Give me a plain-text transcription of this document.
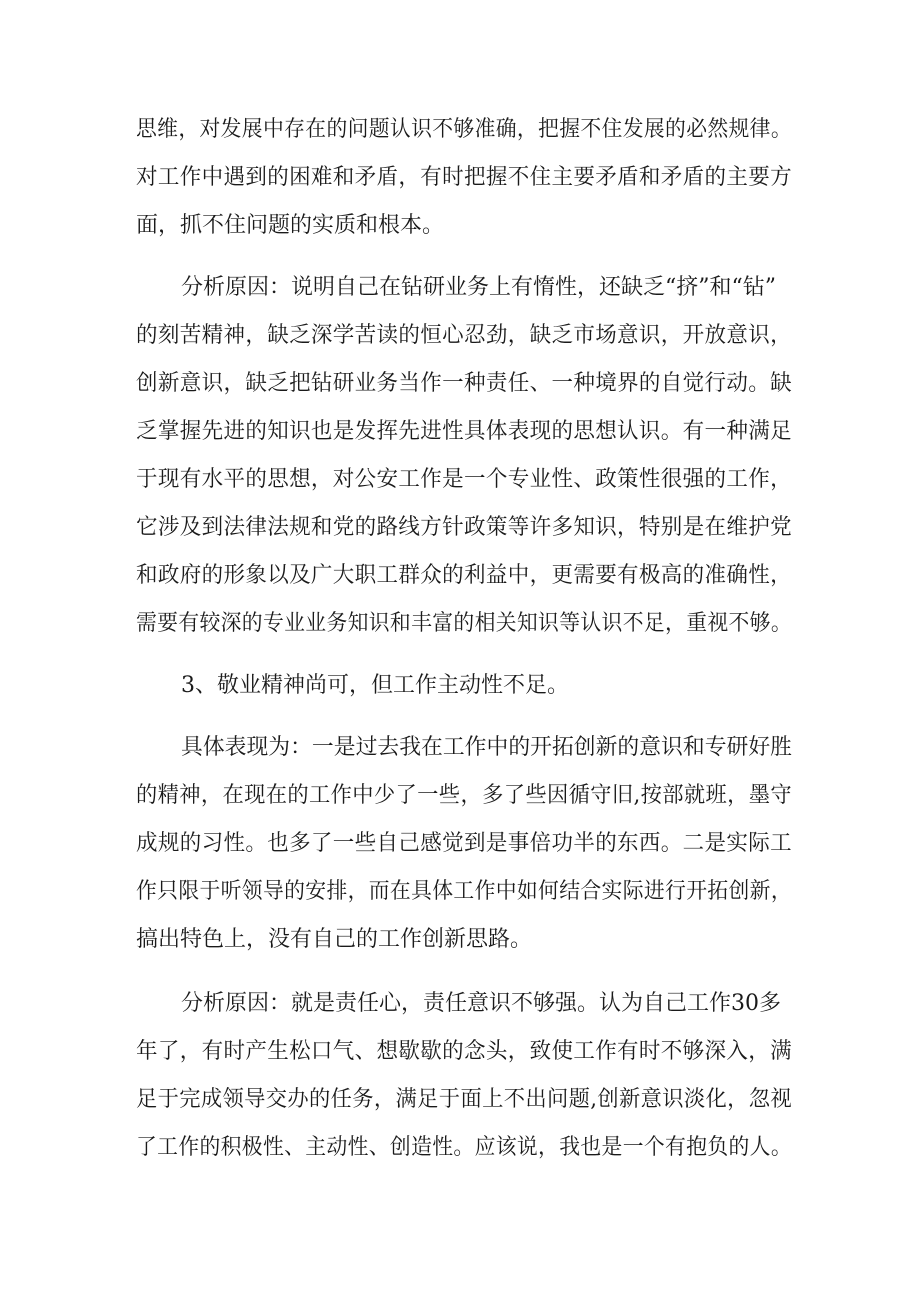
思维，对发展中存在的问题认识不够准确，把握不住发展的必然规律。
对工作中遇到的困难和矛盾，有时把握不住主要矛盾和矛盾的主要方
面，抓不住问题的实质和根本。
分析原因：说明自己在钻研业务上有惰性，还缺乏“挤”和“钻”
的刻苦精神，缺乏深学苦读的恒心忍劲，缺乏市场意识，开放意识，
创新意识，缺乏把钻研业务当作一种责任、一种境界的自觉行动。缺
乏掌握先进的知识也是发挥先进性具体表现的思想认识。有一种满足
于现有水平的思想，对公安工作是一个专业性、政策性很强的工作，
它涉及到法律法规和党的路线方针政策等许多知识，特别是在维护党
和政府的形象以及广大职工群众的利益中，更需要有极高的准确性，
需要有较深的专业业务知识和丰富的相关知识等认识不足，重视不够。
3、敬业精神尚可，但工作主动性不足。
具体表现为：一是过去我在工作中的开拓创新的意识和专研好胜
的精神，在现在的工作中少了一些，多了些因循守旧,按部就班，墨守
成规的习性。也多了一些自己感觉到是事倍功半的东西。二是实际工
作只限于听领导的安排，而在具体工作中如何结合实际进行开拓创新，
搞出特色上，没有自己的工作创新思路。
分析原因：就是责任心，责任意识不够强。认为自己工作30多
年了，有时产生松口气、想歇歇的念头，致使工作有时不够深入，满
足于完成领导交办的任务，满足于面上不出问题,创新意识淡化，忽视
了工作的积极性、主动性、创造性。应该说，我也是一个有抱负的人。
